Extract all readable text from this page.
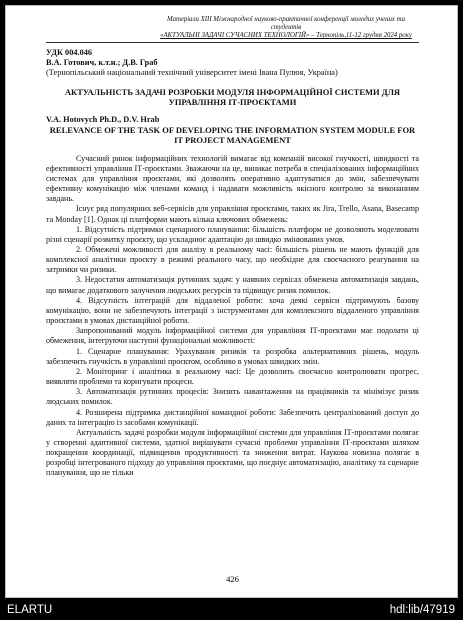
Матеріали XIII Міжнародної науково-практичної конференції молодих учених та студентів
«АКТУАЛЬНІ ЗАДАЧІ СУЧАСНИХ ТЕХНОЛОГІЙ» – Тернопіль,11-12 грудня 2024 року
УДК 004.046
В.А. Готович, к.т.н.; Д.В. Граб
(Тернопільський національний технічний університет імені Івана Пулюя, Україна)
АКТУАЛЬНІСТЬ ЗАДАЧІ РОЗРОБКИ МОДУЛЯ ІНФОРМАЦІЙНОЇ СИСТЕМИ ДЛЯ УПРАВЛІННЯ ІТ-ПРОЄКТАМИ
V.A. Hotovych Ph.D., D.V. Hrab
RELEVANCE OF THE TASK OF DEVELOPING THE INFORMATION SYSTEM MODULE FOR IT PROJECT MANAGEMENT

Сучасний ринок інформаційних технологій вимагає від компаній високої гнучкості, швидкості та ефективності управління ІТ-проєктами. Зважаючи на це, виникає потреба в спеціалізованих інформаційних системах для управління проєктами, які дозволять оперативно адаптуватися до змін, забезпечувати ефективну комунікацію між членами команд і надавати можливість якісного контролю за виконанням завдань.

Існує ряд популярних веб-сервісів для управління проєктами, таких як Jira, Trello, Asana, Basecamp та Monday [1]. Однак ці платформи мають кілька ключових обмежень:

1. Відсутність підтримки сценарного планування: більшість платформ не дозволяють моделювати різні сценарії розвитку проєкту, що ускладнює адаптацію до швидко змінюваних умов.

2. Обмежені можливості для аналізу в реальному часі: більшість рішень не мають функцій для комплексної аналітики проєкту в режимі реального часу, що необхідне для своєчасного реагування на затримки чи ризики.

3. Недостатня автоматизація рутинних задач: у наявних сервісах обмежена автоматизація завдань, що вимагає додаткового залучення людських ресурсів та підвищує ризик помилок.

4. Відсутність інтеграцій для віддаленої роботи: хоча деякі сервіси підтримують базову комунікацію, вони не забезпечують інтеграції з інструментами для комплексного віддаленого управління проєктами в умовах дистанційної роботи.

Запропонований модуль інформаційної системи для управління ІТ-проєктами має подолати ці обмеження, інтегруючи наступні функціональні можливості:

1. Сценарне планування: Урахування ризиків та розробка альтернативних рішень, модуль забезпечить гнучкість в управлінні проєктом, особливо в умовах швидких змін.

2. Моніторинг і аналітика в реальному часі: Це дозволить своєчасно контролювати прогрес, виявляти проблеми та коригувати процеси.

3. Автоматизація рутинних процесів: Знизить навантаження на працівників та мінімізує ризик людських помилок.

4. Розширена підтримка дистанційної командної роботи: Забезпечить централізований доступ до даних та інтеграцію із засобами комунікації.

Актуальність задачі розробки модуля інформаційної системи для управління ІТ-проєктами полягає у створенні адаптивної системи, здатної вирішувати сучасні проблеми управління ІТ-проєктами шляхом покращення координації, підвищення продуктивності та зниження витрат. Наукова новизна полягає в розробці інтегрованого підходу до управління проєктами, що поєднує автоматизацію, аналітику та сценарне планування, що не тільки

426
ELARTU	hdl:lib/47919
